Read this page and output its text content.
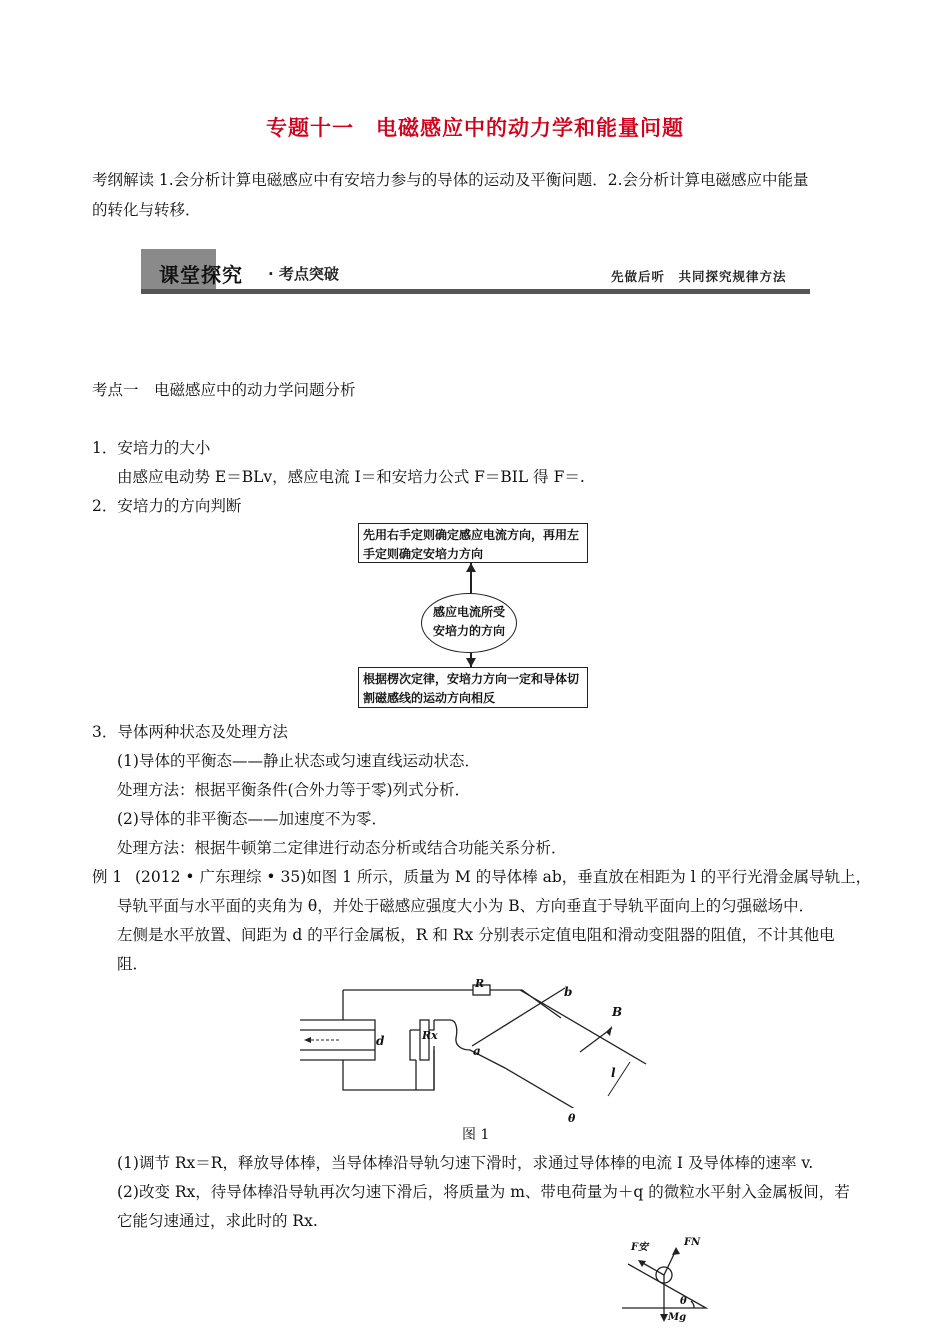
专题十一　电磁感应中的动力学和能量问题
考纲解读 1.会分析计算电磁感应中有安培力参与的导体的运动及平衡问题．2.会分析计算电磁感应中能量
的转化与转移．
课堂探究 · 考点突破	先做后听　共同探究规律方法
考点一　电磁感应中的动力学问题分析
1．安培力的大小
由感应电动势 E＝BLv，感应电流 I＝和安培力公式 F＝BIL 得 F＝.
2．安培力的方向判断
先用右手定则确定感应电流方向，再用左手定则确定安培力方向
感应电流所受
安培力的方向
根据楞次定律，安培力方向一定和导体切割磁感线的运动方向相反
3．导体两种状态及处理方法
(1)导体的平衡态——静止状态或匀速直线运动状态．
处理方法：根据平衡条件(合外力等于零)列式分析．
(2)导体的非平衡态——加速度不为零．
处理方法：根据牛顿第二定律进行动态分析或结合功能关系分析．
例 1 (2012 • 广东理综 • 35)如图 1 所示，质量为 M 的导体棒 ab，垂直放在相距为 l 的平行光滑金属导轨上，
导轨平面与水平面的夹角为 θ，并处于磁感应强度大小为 B、方向垂直于导轨平面向上的匀强磁场中．
左侧是水平放置、间距为 d 的平行金属板，R 和 Rx 分别表示定值电阻和滑动变阻器的阻值，不计其他电
阻．
R
Rx
d
a
b
B
l
θ
图 1
(1)调节 Rx＝R，释放导体棒，当导体棒沿导轨匀速下滑时，求通过导体棒的电流 I 及导体棒的速率 v.
(2)改变 Rx，待导体棒沿导轨再次匀速下滑后，将质量为 m、带电荷量为＋q 的微粒水平射入金属板间，若
它能匀速通过，求此时的 Rx.
F安	FN
θ
Mg
